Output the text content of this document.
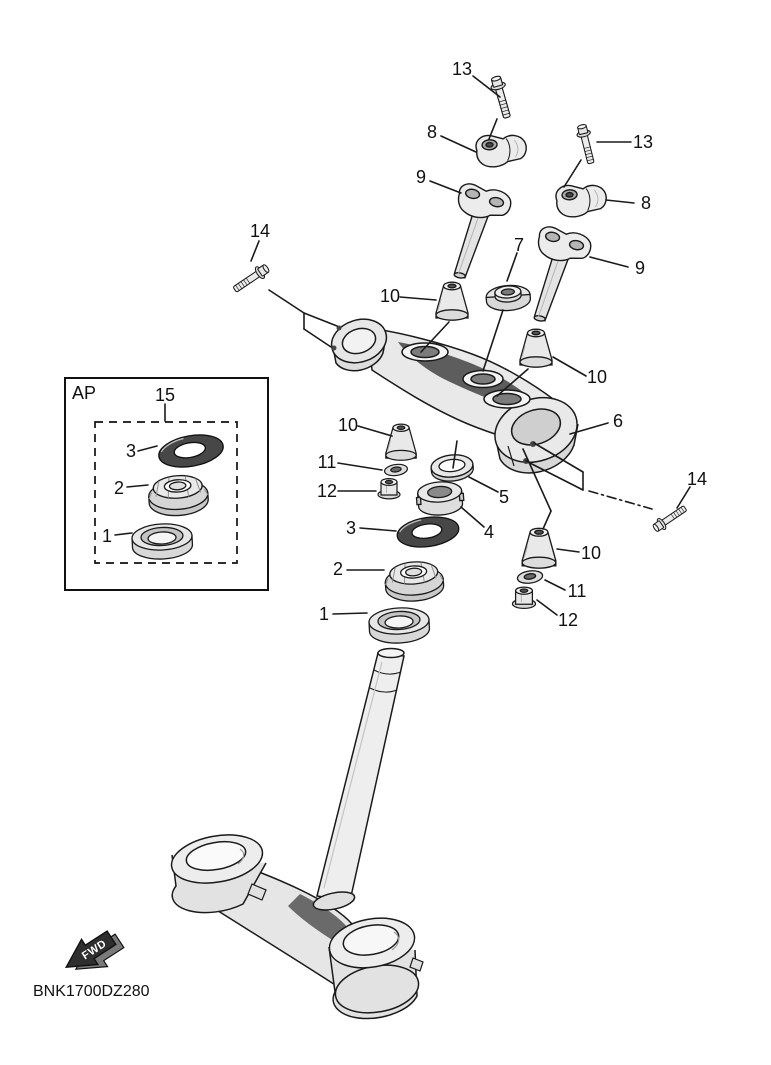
13
8
9
13
8
9
7
14
10
10
6
10
11
12	5
4
3
2
1
10
11
12
14
15
3
2
1
AP
FWD
BNK1700DZ280
